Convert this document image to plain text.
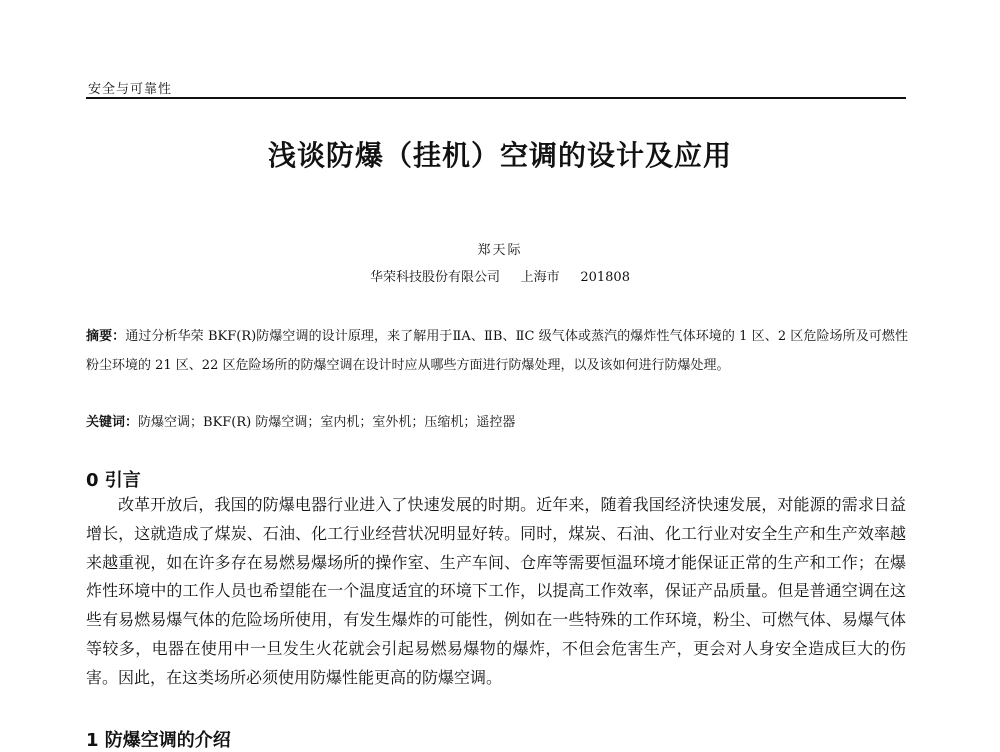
安全与可靠性
浅谈防爆（挂机）空调的设计及应用
郑天际
华荣科技股份有限公司     上海市     201808
摘要：通过分析华荣 BKF(R)防爆空调的设计原理，来了解用于ⅡA、ⅡB、ⅡC 级气体或蒸汽的爆炸性气体环境的 1 区、2 区危险场所及可燃性粉尘环境的 21 区、22 区危险场所的防爆空调在设计时应从哪些方面进行防爆处理，以及该如何进行防爆处理。
关键词：防爆空调；BKF(R) 防爆空调；室内机；室外机；压缩机；遥控器
0 引言
改革开放后，我国的防爆电器行业进入了快速发展的时期。近年来，随着我国经济快速发展，对能源的需求日益增长，这就造成了煤炭、石油、化工行业经营状况明显好转。同时，煤炭、石油、化工行业对安全生产和生产效率越来越重视，如在许多存在易燃易爆场所的操作室、生产车间、仓库等需要恒温环境才能保证正常的生产和工作；在爆炸性环境中的工作人员也希望能在一个温度适宜的环境下工作，以提高工作效率，保证产品质量。但是普通空调在这些有易燃易爆气体的危险场所使用，有发生爆炸的可能性，例如在一些特殊的工作环境，粉尘、可燃气体、易爆气体等较多，电器在使用中一旦发生火花就会引起易燃易爆物的爆炸，不但会危害生产，更会对人身安全造成巨大的伤害。因此，在这类场所必须使用防爆性能更高的防爆空调。
1 防爆空调的介绍
